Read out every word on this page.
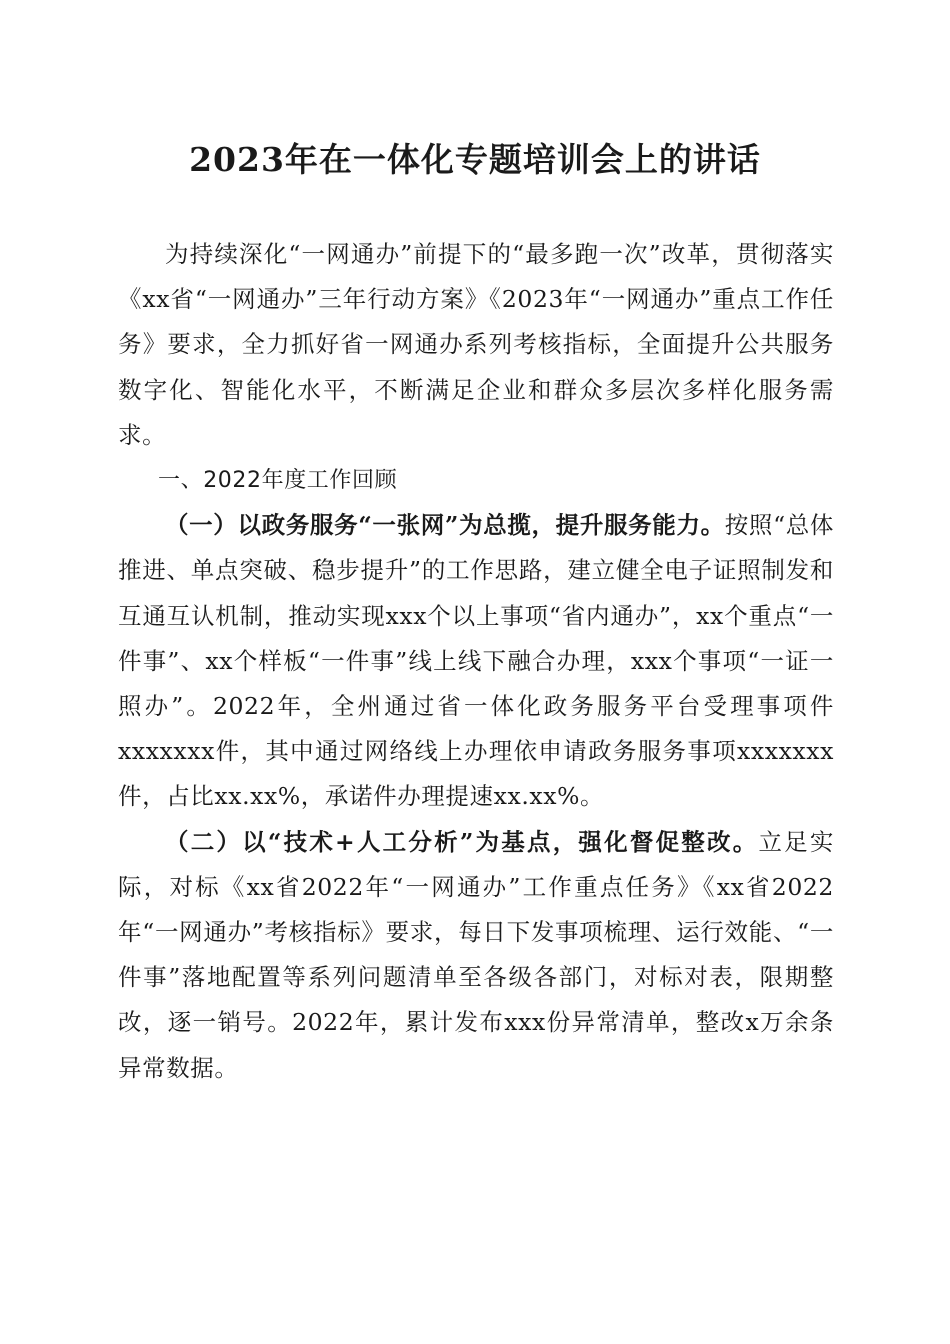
2023年在一体化专题培训会上的讲话

为持续深化“一网通办”前提下的“最多跑一次”改革，贯彻落实《xx省“一网通办”三年行动方案》《2023年“一网通办”重点工作任务》要求，全力抓好省一网通办系列考核指标，全面提升公共服务数字化、智能化水平，不断满足企业和群众多层次多样化服务需求。

一、2022年度工作回顾

（一）以政务服务“一张网”为总揽，提升服务能力。按照“总体推进、单点突破、稳步提升”的工作思路，建立健全电子证照制发和互通互认机制，推动实现xxx个以上事项“省内通办”，xx个重点“一件事”、xx个样板“一件事”线上线下融合办理，xxx个事项“一证一照办”。2022年，全州通过省一体化政务服务平台受理事项件xxxxxxx件，其中通过网络线上办理依申请政务服务事项xxxxxxx件，占比xx.xx%，承诺件办理提速xx.xx%。

（二）以“技术+人工分析”为基点，强化督促整改。立足实际，对标《xx省2022年“一网通办”工作重点任务》《xx省2022年“一网通办”考核指标》要求，每日下发事项梳理、运行效能、“一件事”落地配置等系列问题清单至各级各部门，对标对表，限期整改，逐一销号。2022年，累计发布xxx份异常清单，整改x万余条异常数据。
